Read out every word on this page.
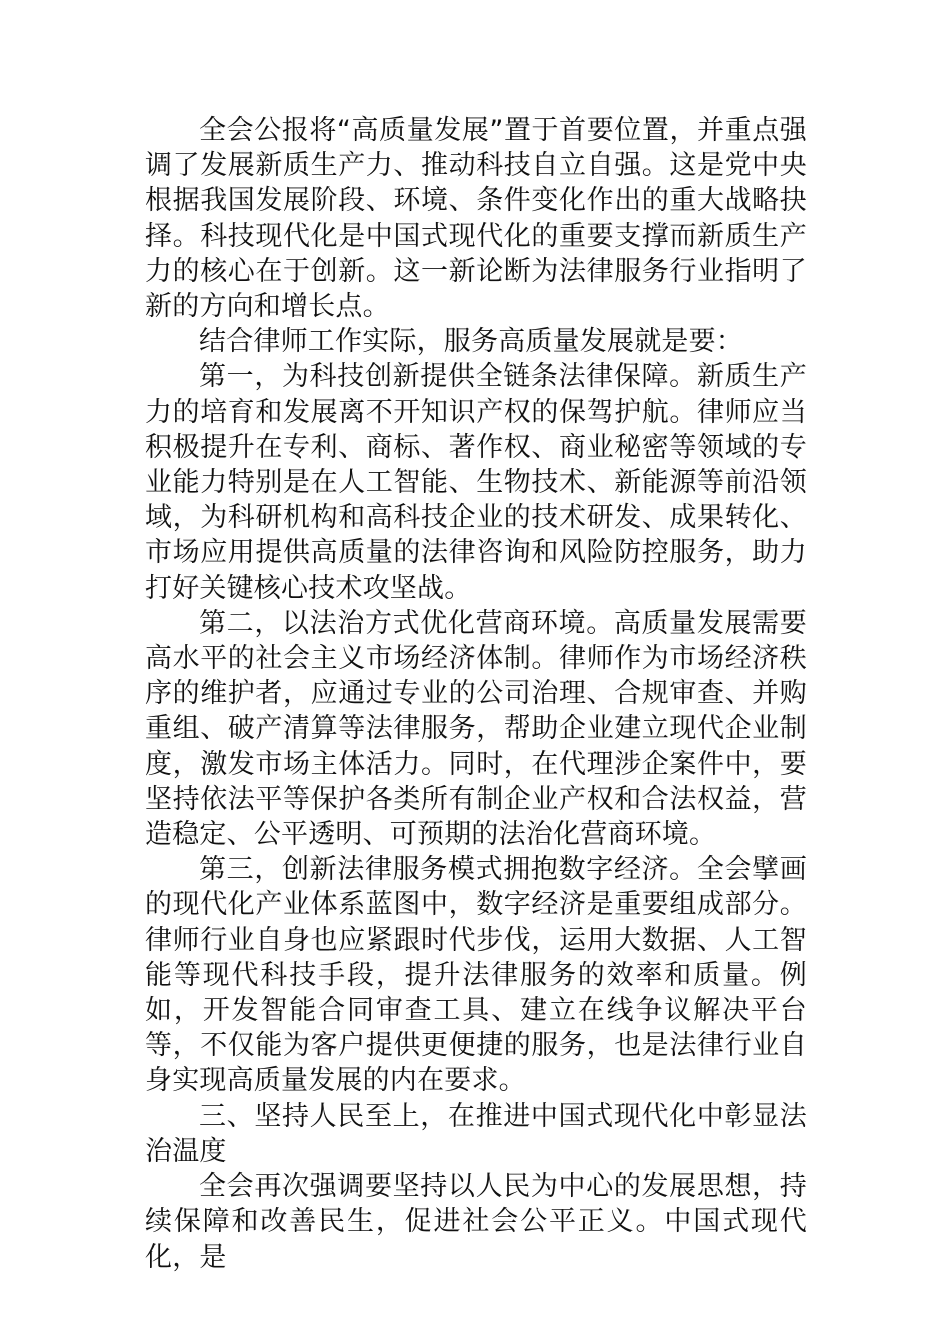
全会公报将“高质量发展”置于首要位置，并重点强调了发展新质生产力、推动科技自立自强。这是党中央根据我国发展阶段、环境、条件变化作出的重大战略抉择。科技现代化是中国式现代化的重要支撑而新质生产力的核心在于创新。这一新论断为法律服务行业指明了新的方向和增长点。

结合律师工作实际，服务高质量发展就是要：

第一，为科技创新提供全链条法律保障。新质生产力的培育和发展离不开知识产权的保驾护航。律师应当积极提升在专利、商标、著作权、商业秘密等领域的专业能力特别是在人工智能、生物技术、新能源等前沿领域，为科研机构和高科技企业的技术研发、成果转化、市场应用提供高质量的法律咨询和风险防控服务，助力打好关键核心技术攻坚战。

第二，以法治方式优化营商环境。高质量发展需要高水平的社会主义市场经济体制。律师作为市场经济秩序的维护者，应通过专业的公司治理、合规审查、并购重组、破产清算等法律服务，帮助企业建立现代企业制度，激发市场主体活力。同时，在代理涉企案件中，要坚持依法平等保护各类所有制企业产权和合法权益，营造稳定、公平透明、可预期的法治化营商环境。

第三，创新法律服务模式拥抱数字经济。全会擘画的现代化产业体系蓝图中，数字经济是重要组成部分。律师行业自身也应紧跟时代步伐，运用大数据、人工智能等现代科技手段，提升法律服务的效率和质量。例如，开发智能合同审查工具、建立在线争议解决平台等，不仅能为客户提供更便捷的服务，也是法律行业自身实现高质量发展的内在要求。

三、坚持人民至上，在推进中国式现代化中彰显法治温度

全会再次强调要坚持以人民为中心的发展思想，持续保障和改善民生，促进社会公平正义。中国式现代化，是
